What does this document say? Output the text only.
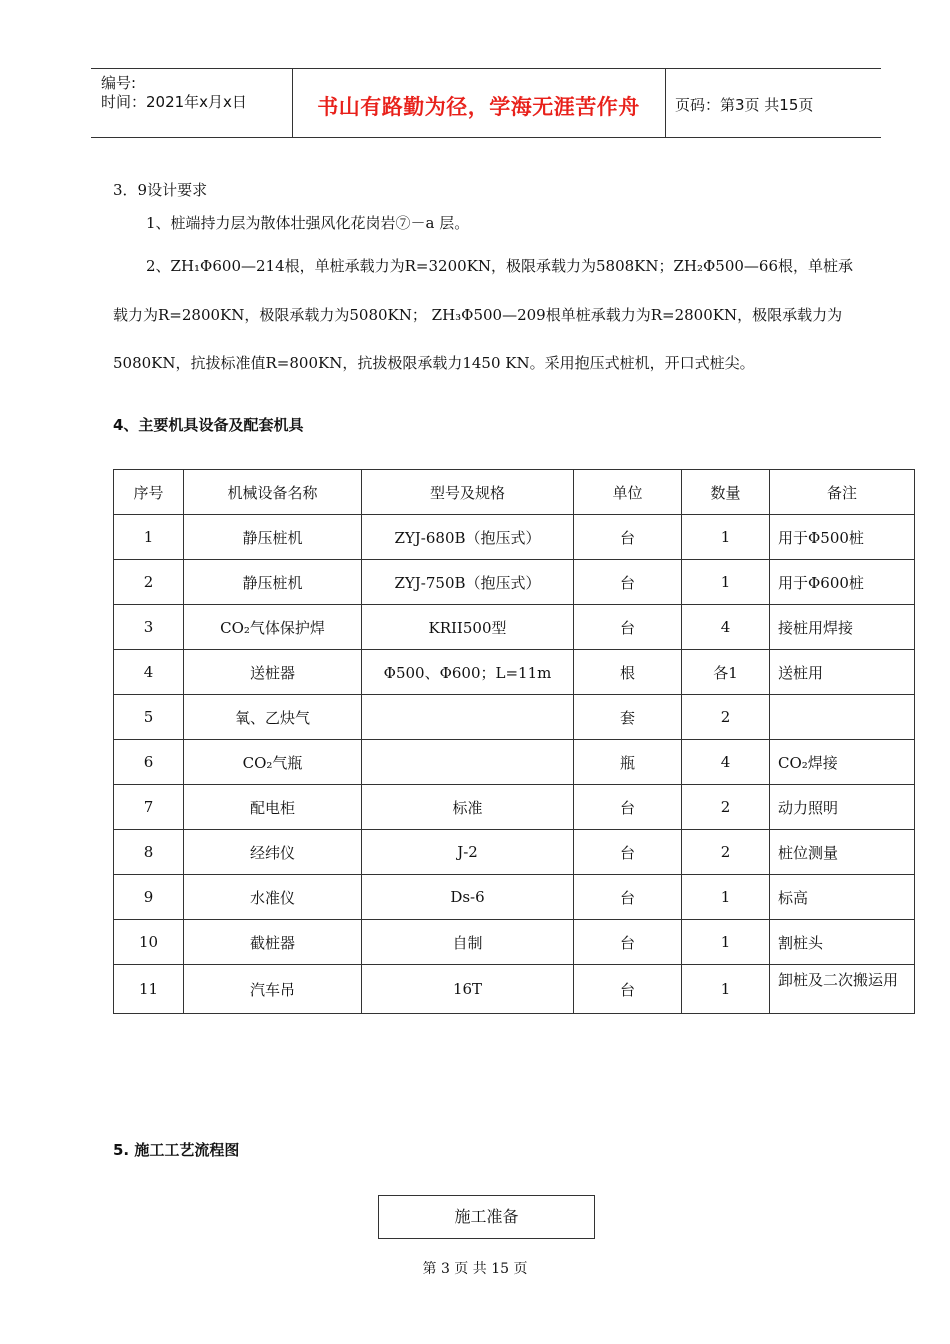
编号:
时间：2021年x月x日	书山有路勤为径，学海无涯苦作舟	页码：第3页 共15页
3．9设计要求
1、桩端持力层为散体壮强风化花岗岩⑦－a 层。
2、ZH₁Φ600—214根，单桩承载力为R=3200KN，极限承载力为5808KN；ZH₂Φ500—66根，单桩承
载力为R=2800KN，极限承载力为5080KN； ZH₃Φ500—209根单桩承载力为R=2800KN，极限承载力为
5080KN，抗拔标准值R=800KN，抗拔极限承载力1450 KN。采用抱压式桩机，开口式桩尖。
4、主要机具设备及配套机具
序号	机械设备名称	型号及规格	单位	数量	备注
1	静压桩机	ZYJ-680B（抱压式）	台	1	用于Φ500桩
2	静压桩机	ZYJ-750B（抱压式）	台	1	用于Φ600桩
3	CO₂气体保护焊	KRII500型	台	4	接桩用焊接
4	送桩器	Φ500、Φ600；L=11m	根	各1	送桩用
5	氧、乙炔气		套	2	
6	CO₂气瓶		瓶	4	CO₂焊接
7	配电柜	标准	台	2	动力照明
8	经纬仪	J-2	台	2	桩位测量
9	水准仪	Ds-6	台	1	标高
10	截桩器	自制	台	1	割桩头
11	汽车吊	16T	台	1	卸桩及二次搬运用
5. 施工工艺流程图
施工准备
第 3 页 共 15 页
